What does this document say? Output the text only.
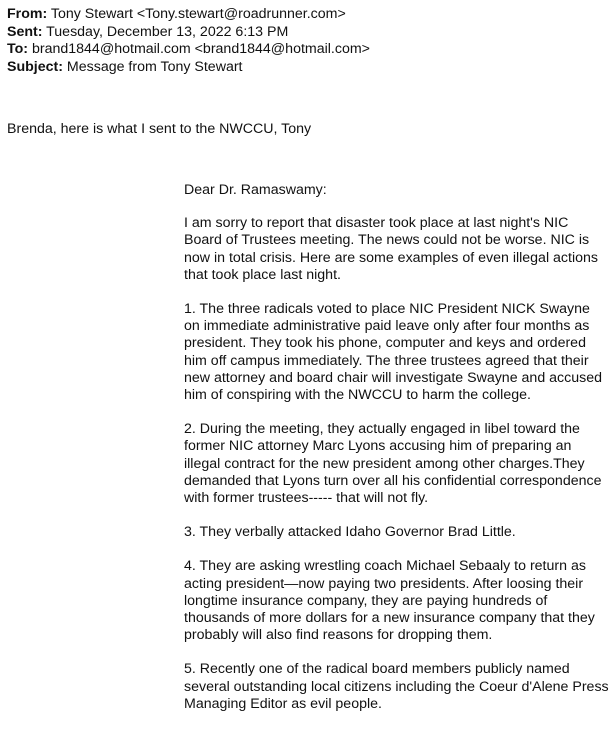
From: Tony Stewart <Tony.stewart@roadrunner.com>
Sent: Tuesday, December 13, 2022 6:13 PM
To: brand1844@hotmail.com <brand1844@hotmail.com>
Subject: Message from Tony Stewart
Brenda, here is what I sent to the NWCCU, Tony

Dear Dr. Ramaswamy:

I am sorry to report that disaster took place at last night's NIC Board of Trustees meeting. The news could not be worse. NIC is now in total crisis. Here are some examples of even illegal actions that took place last night.

1. The three radicals voted to place NIC President NICK Swayne on immediate administrative paid leave only after four months as president. They took his phone, computer and keys and ordered him off campus immediately. The three trustees agreed that their new attorney and board chair will investigate Swayne and accused him of conspiring with the NWCCU to harm the college.

2. During the meeting, they actually engaged in libel toward the former NIC attorney Marc Lyons accusing him of preparing an illegal contract for the new president among other charges.They demanded that Lyons turn over all his confidential correspondence with former trustees----- that will not fly.

3. They verbally attacked Idaho Governor Brad Little.

4. They are asking wrestling coach Michael Sebaaly to return as acting president—now paying two presidents. After loosing their longtime insurance company, they are paying hundreds of thousands of more dollars for a new insurance company that they probably will also find reasons for dropping them.

5. Recently one of the radical board members publicly named several outstanding local citizens including the Coeur d'Alene Press Managing Editor as evil people.
